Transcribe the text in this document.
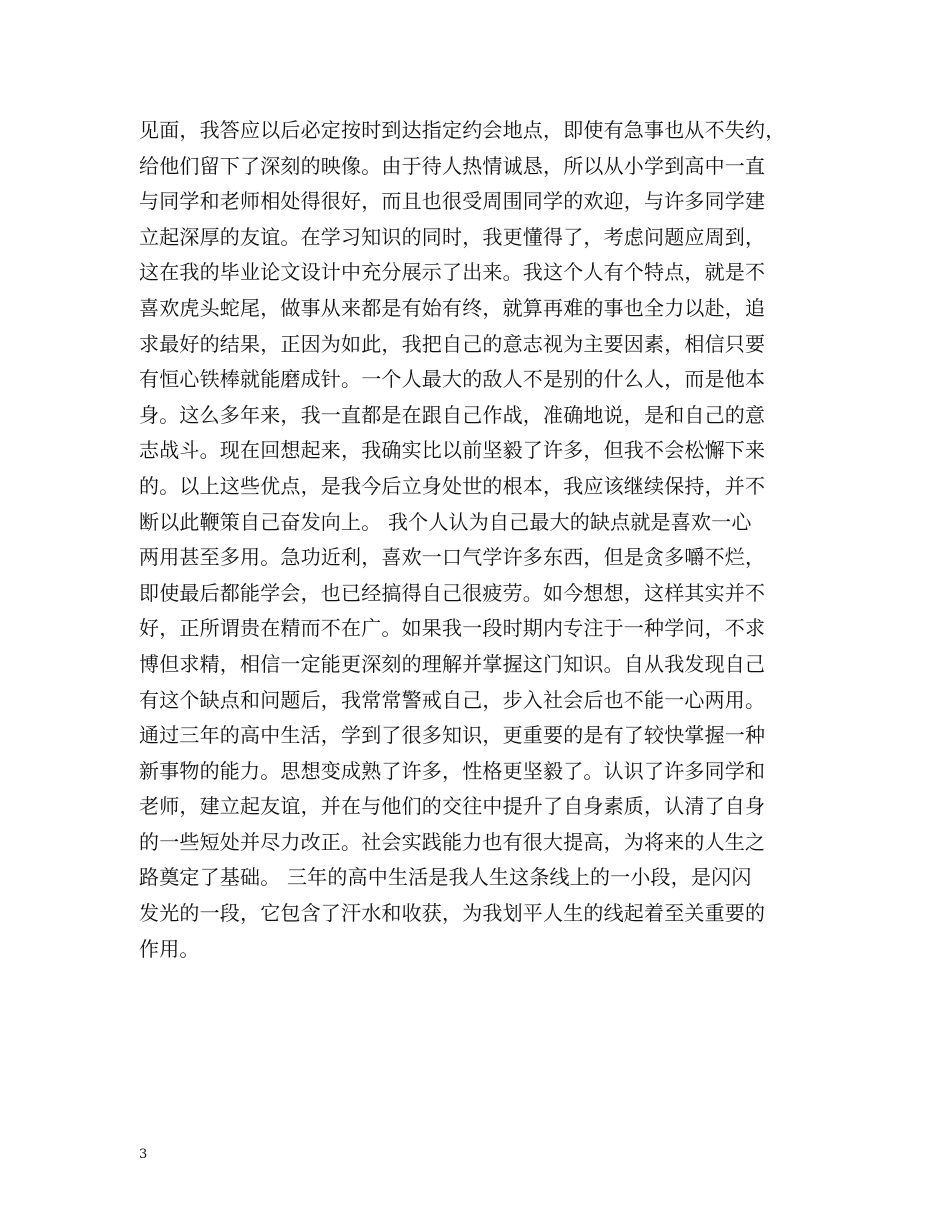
见面，我答应以后必定按时到达指定约会地点，即使有急事也从不失约，
给他们留下了深刻的映像。由于待人热情诚恳，所以从小学到高中一直
与同学和老师相处得很好，而且也很受周围同学的欢迎，与许多同学建
立起深厚的友谊。在学习知识的同时，我更懂得了，考虑问题应周到，
这在我的毕业论文设计中充分展示了出来。我这个人有个特点，就是不
喜欢虎头蛇尾，做事从来都是有始有终，就算再难的事也全力以赴，追
求最好的结果，正因为如此，我把自己的意志视为主要因素，相信只要
有恒心铁棒就能磨成针。一个人最大的敌人不是别的什么人，而是他本
身。这么多年来，我一直都是在跟自己作战，准确地说，是和自己的意
志战斗。现在回想起来，我确实比以前坚毅了许多，但我不会松懈下来
的。以上这些优点，是我今后立身处世的根本，我应该继续保持，并不
断以此鞭策自己奋发向上。 我个人认为自己最大的缺点就是喜欢一心
两用甚至多用。急功近利，喜欢一口气学许多东西，但是贪多嚼不烂，
即使最后都能学会，也已经搞得自己很疲劳。如今想想，这样其实并不
好，正所谓贵在精而不在广。如果我一段时期内专注于一种学问，不求
博但求精，相信一定能更深刻的理解并掌握这门知识。自从我发现自己
有这个缺点和问题后，我常常警戒自己，步入社会后也不能一心两用。
通过三年的高中生活，学到了很多知识，更重要的是有了较快掌握一种
新事物的能力。思想变成熟了许多，性格更坚毅了。认识了许多同学和
老师，建立起友谊，并在与他们的交往中提升了自身素质，认清了自身
的一些短处并尽力改正。社会实践能力也有很大提高，为将来的人生之
路奠定了基础。 三年的高中生活是我人生这条线上的一小段，是闪闪
发光的一段，它包含了汗水和收获，为我划平人生的线起着至关重要的
作用。
3
